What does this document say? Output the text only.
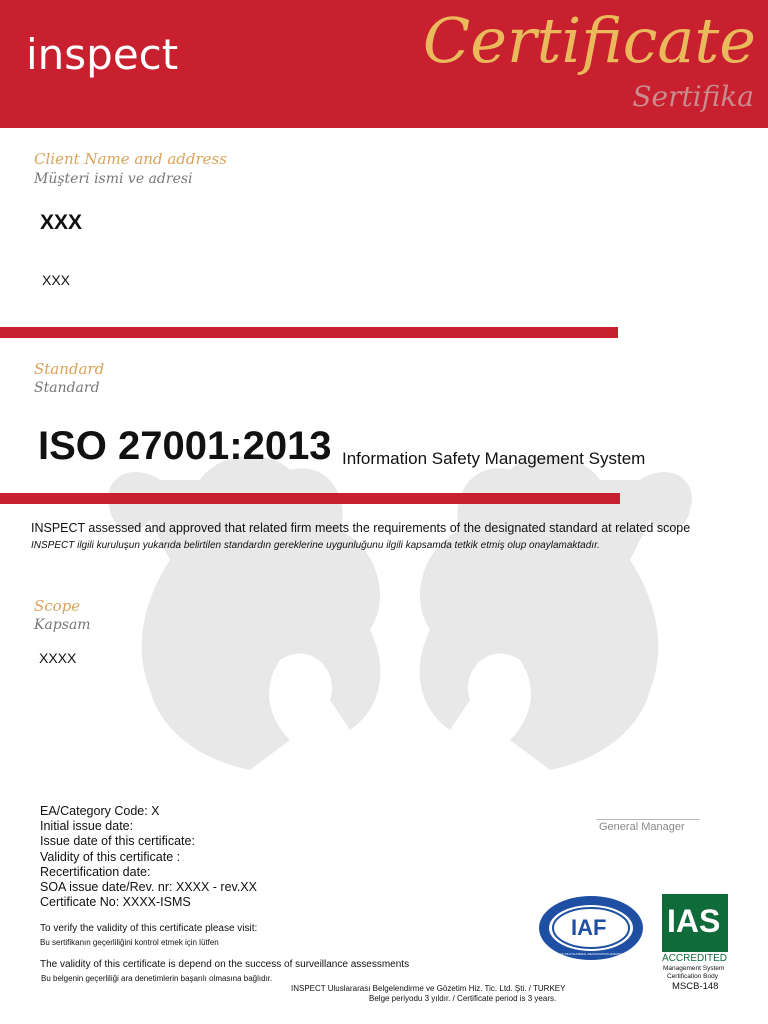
inspect	Certificate
Sertifika
Client Name and address
Müşteri ismi ve adresi
XXX
XXX
Standard
Standard
ISO 27001:2013 Information Safety Management System
INSPECT assessed and approved that related firm meets the requirements of the designated standard at related scope
INSPECT ilgili kuruluşun yukarıda belirtilen standardın gereklerine uygunluğunu ilgili kapsamda tetkik etmiş olup onaylamaktadır.
Scope
Kapsam
XXXX
EA/Category Code: X
Initial issue date:
Issue date of this certificate:
Validity of this certificate :
Recertification date:
SOA issue date/Rev. nr: XXXX - rev.XX
Certificate No: XXXX-ISMS
To verify the validity of this certificate please visit:
Bu sertifikanın geçerliliğini kontrol etmek için lütfen
The validity of this certificate is depend on the success of surveillance assessments
Bu belgenin geçerliliği ara denetimlerin başarılı olmasına bağlıdır.
General Manager
INSPECT Uluslararası Belgelendirme ve Gözetim Hiz. Tic. Ltd. Şti. / TURKEY
Belge periyodu 3 yıldır. / Certificate period is 3 years.
IAF
MEMBER OF MULTILATERAL RECOGNITION ARRANGEMENT
IAS
ACCREDITED
Management System
Certification Body
MSCB-148
